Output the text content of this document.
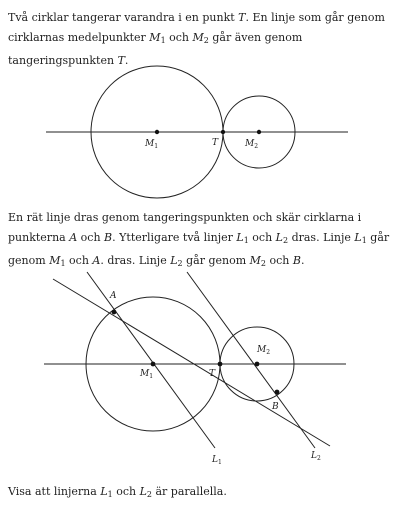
Två cirklar tangerar varandra i en punkt T. En linje som går genom cirklarnas medelpunkter $M_1$ och $M_2$ går även genom tangeringspunkten T.

$M_1$	T	$M_2$

En rät linje dras genom tangeringspunkten och skär cirklarna i punkterna A och B. Ytterligare två linjer $L_1$ och $L_2$ dras. Linje $L_1$ går genom $M_1$ och A. dras. Linje $L_2$ går genom $M_2$ och B.

A
$M_1$	T
$M_2$
B
$L_1$
$L_2$

Visa att linjerna $L_1$ och $L_2$ är parallella.
